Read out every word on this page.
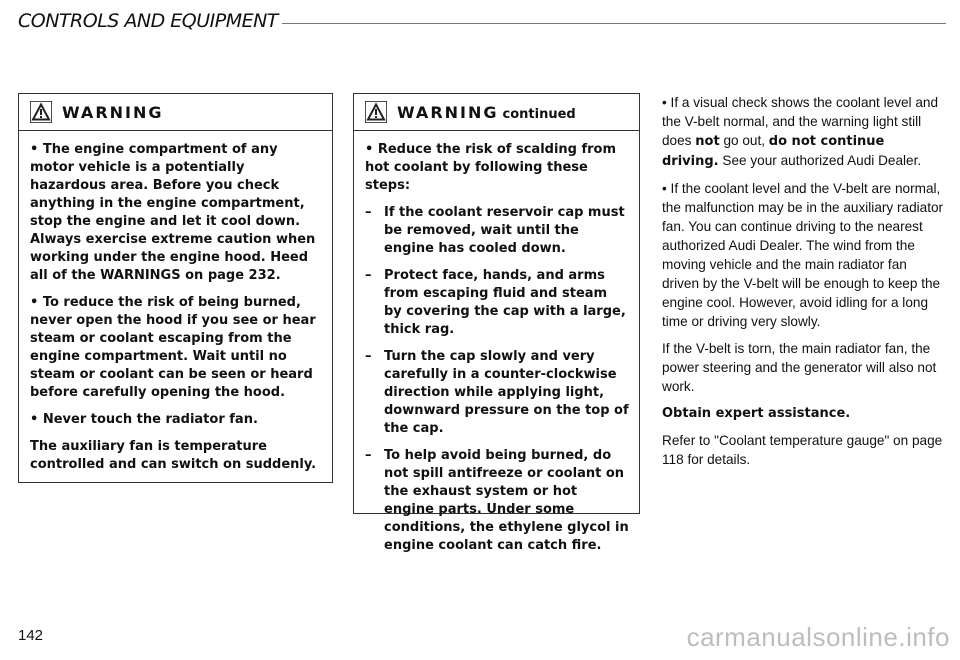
CONTROLS AND EQUIPMENT
WARNING

• The engine compartment of any motor vehicle is a potentially hazardous area. Before you check anything in the engine compartment, stop the engine and let it cool down. Always exercise extreme caution when working under the engine hood. Heed all of the WARNINGS on page 232.

• To reduce the risk of being burned, never open the hood if you see or hear steam or coolant escaping from the engine compartment. Wait until no steam or coolant can be seen or heard before carefully opening the hood.

• Never touch the radiator fan.

The auxiliary fan is temperature controlled and can switch on suddenly.

WARNING continued

• Reduce the risk of scalding from hot coolant by following these steps:

– If the coolant reservoir cap must be removed, wait until the engine has cooled down.
– Protect face, hands, and arms from escaping fluid and steam by covering the cap with a large, thick rag.
– Turn the cap slowly and very carefully in a counter-clockwise direction while applying light, downward pressure on the top of the cap.
– To help avoid being burned, do not spill antifreeze or coolant on the exhaust system or hot engine parts. Under some conditions, the ethylene glycol in engine coolant can catch fire.

• If a visual check shows the coolant level and the V-belt normal, and the warning light still does not go out, do not continue driving. See your authorized Audi Dealer.

• If the coolant level and the V-belt are normal, the malfunction may be in the auxiliary radiator fan. You can continue driving to the nearest authorized Audi Dealer. The wind from the moving vehicle and the main radiator fan driven by the V-belt will be enough to keep the engine cool. However, avoid idling for a long time or driving very slowly.

If the V-belt is torn, the main radiator fan, the power steering and the generator will also not work.

Obtain expert assistance.

Refer to "Coolant temperature gauge" on page 118 for details.

142	carmanualsonline.info
